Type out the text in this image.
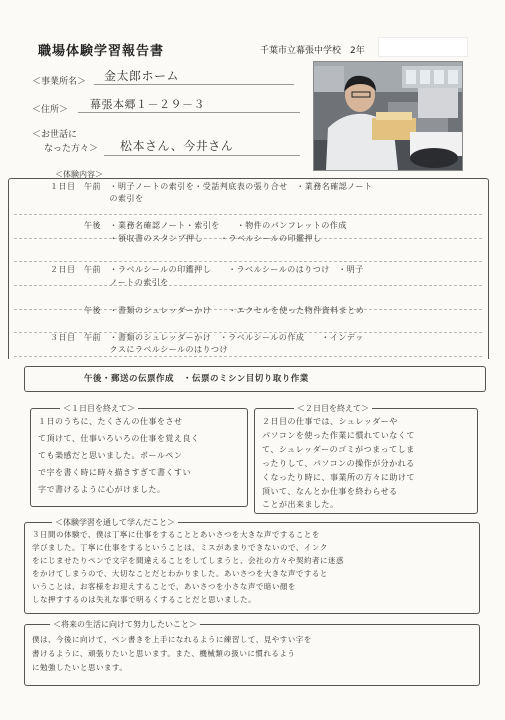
職場体験学習報告書	千葉市立幕張中学校　2年
＜事業所名＞ 金太郎ホーム
＜住所＞ 幕張本郷１－２９－３
＜お世話に
なった方々＞ 松本さん、今井さん
＜体験内容＞
１日目　午前　・明子ノートの索引を・受話判底表の張り合せ　・業務名確認ノート
　　　　　　　の索引を
　　　　午後　・業務名確認ノート・索引を　　・物件のパンフレットの作成
　　　　　　　・領収書のスタンプ押し　　・ラベルシールの印鑑押し
２日目　午前　・ラベルシールの印鑑押し　　・ラベルシールのはりつけ　・明子
　　　　　　　ノートの索引を
　　　　午後　・書類のシュレッダーかけ　　・エクセルを使った物件資料まとめ
３日目　午前　・書類のシュレッダーかけ　・ラベルシールの作成　　・インデッ
　　　　　　　クスにラベルシールのはりつけ
午後・郵送の伝票作成　・伝票のミシン目切り取り作業
＜１日目を終えて＞
１日のうちに、たくさんの仕事をさせ
て頂けて、仕事いろいろの仕事を覚え良く
ても楽感だと思いました。ボールペン
で字を書く時に時々描きすぎて書くすい
字で書けるように心がけました。
＜２日目を終えて＞
２日目の仕事では、シュレッダーや
パソコンを使った作業に慣れていなくて
て、シュレッダーのゴミがつまってしま
ったりして、パソコンの操作が分かれる
くなったり時に、事業所の方々に助けて
頂いて、なんとか仕事を終わらせる
ことが出来ました。
＜体験学習を通して学んだこと＞
３日間の体験で、僕は丁寧に仕事をすることとあいさつを大きな声ですることを
学びました。丁寧に仕事をするということは、ミスがあまりできないので、インク
をにじませたりペンで文字を間違えることをしてしまうと、会社の方々や契約者に迷惑
をかけてしまうので、大切なことだとわかりました。あいさつを大きな声ですると
いうことは、お客様をお迎えすることで、あいさつを小さな声で暗い顔を
しな押すするのは失礼な事で明るくすることだと思いました。
＜将来の生活に向けて努力したいこと＞
僕は、今後に向けて、ペン書きを上手になれるように練習して、見やすい字を
書けるように、頑張りたいと思います。また、機械類の扱いに慣れるよう
に勉強したいと思います。
